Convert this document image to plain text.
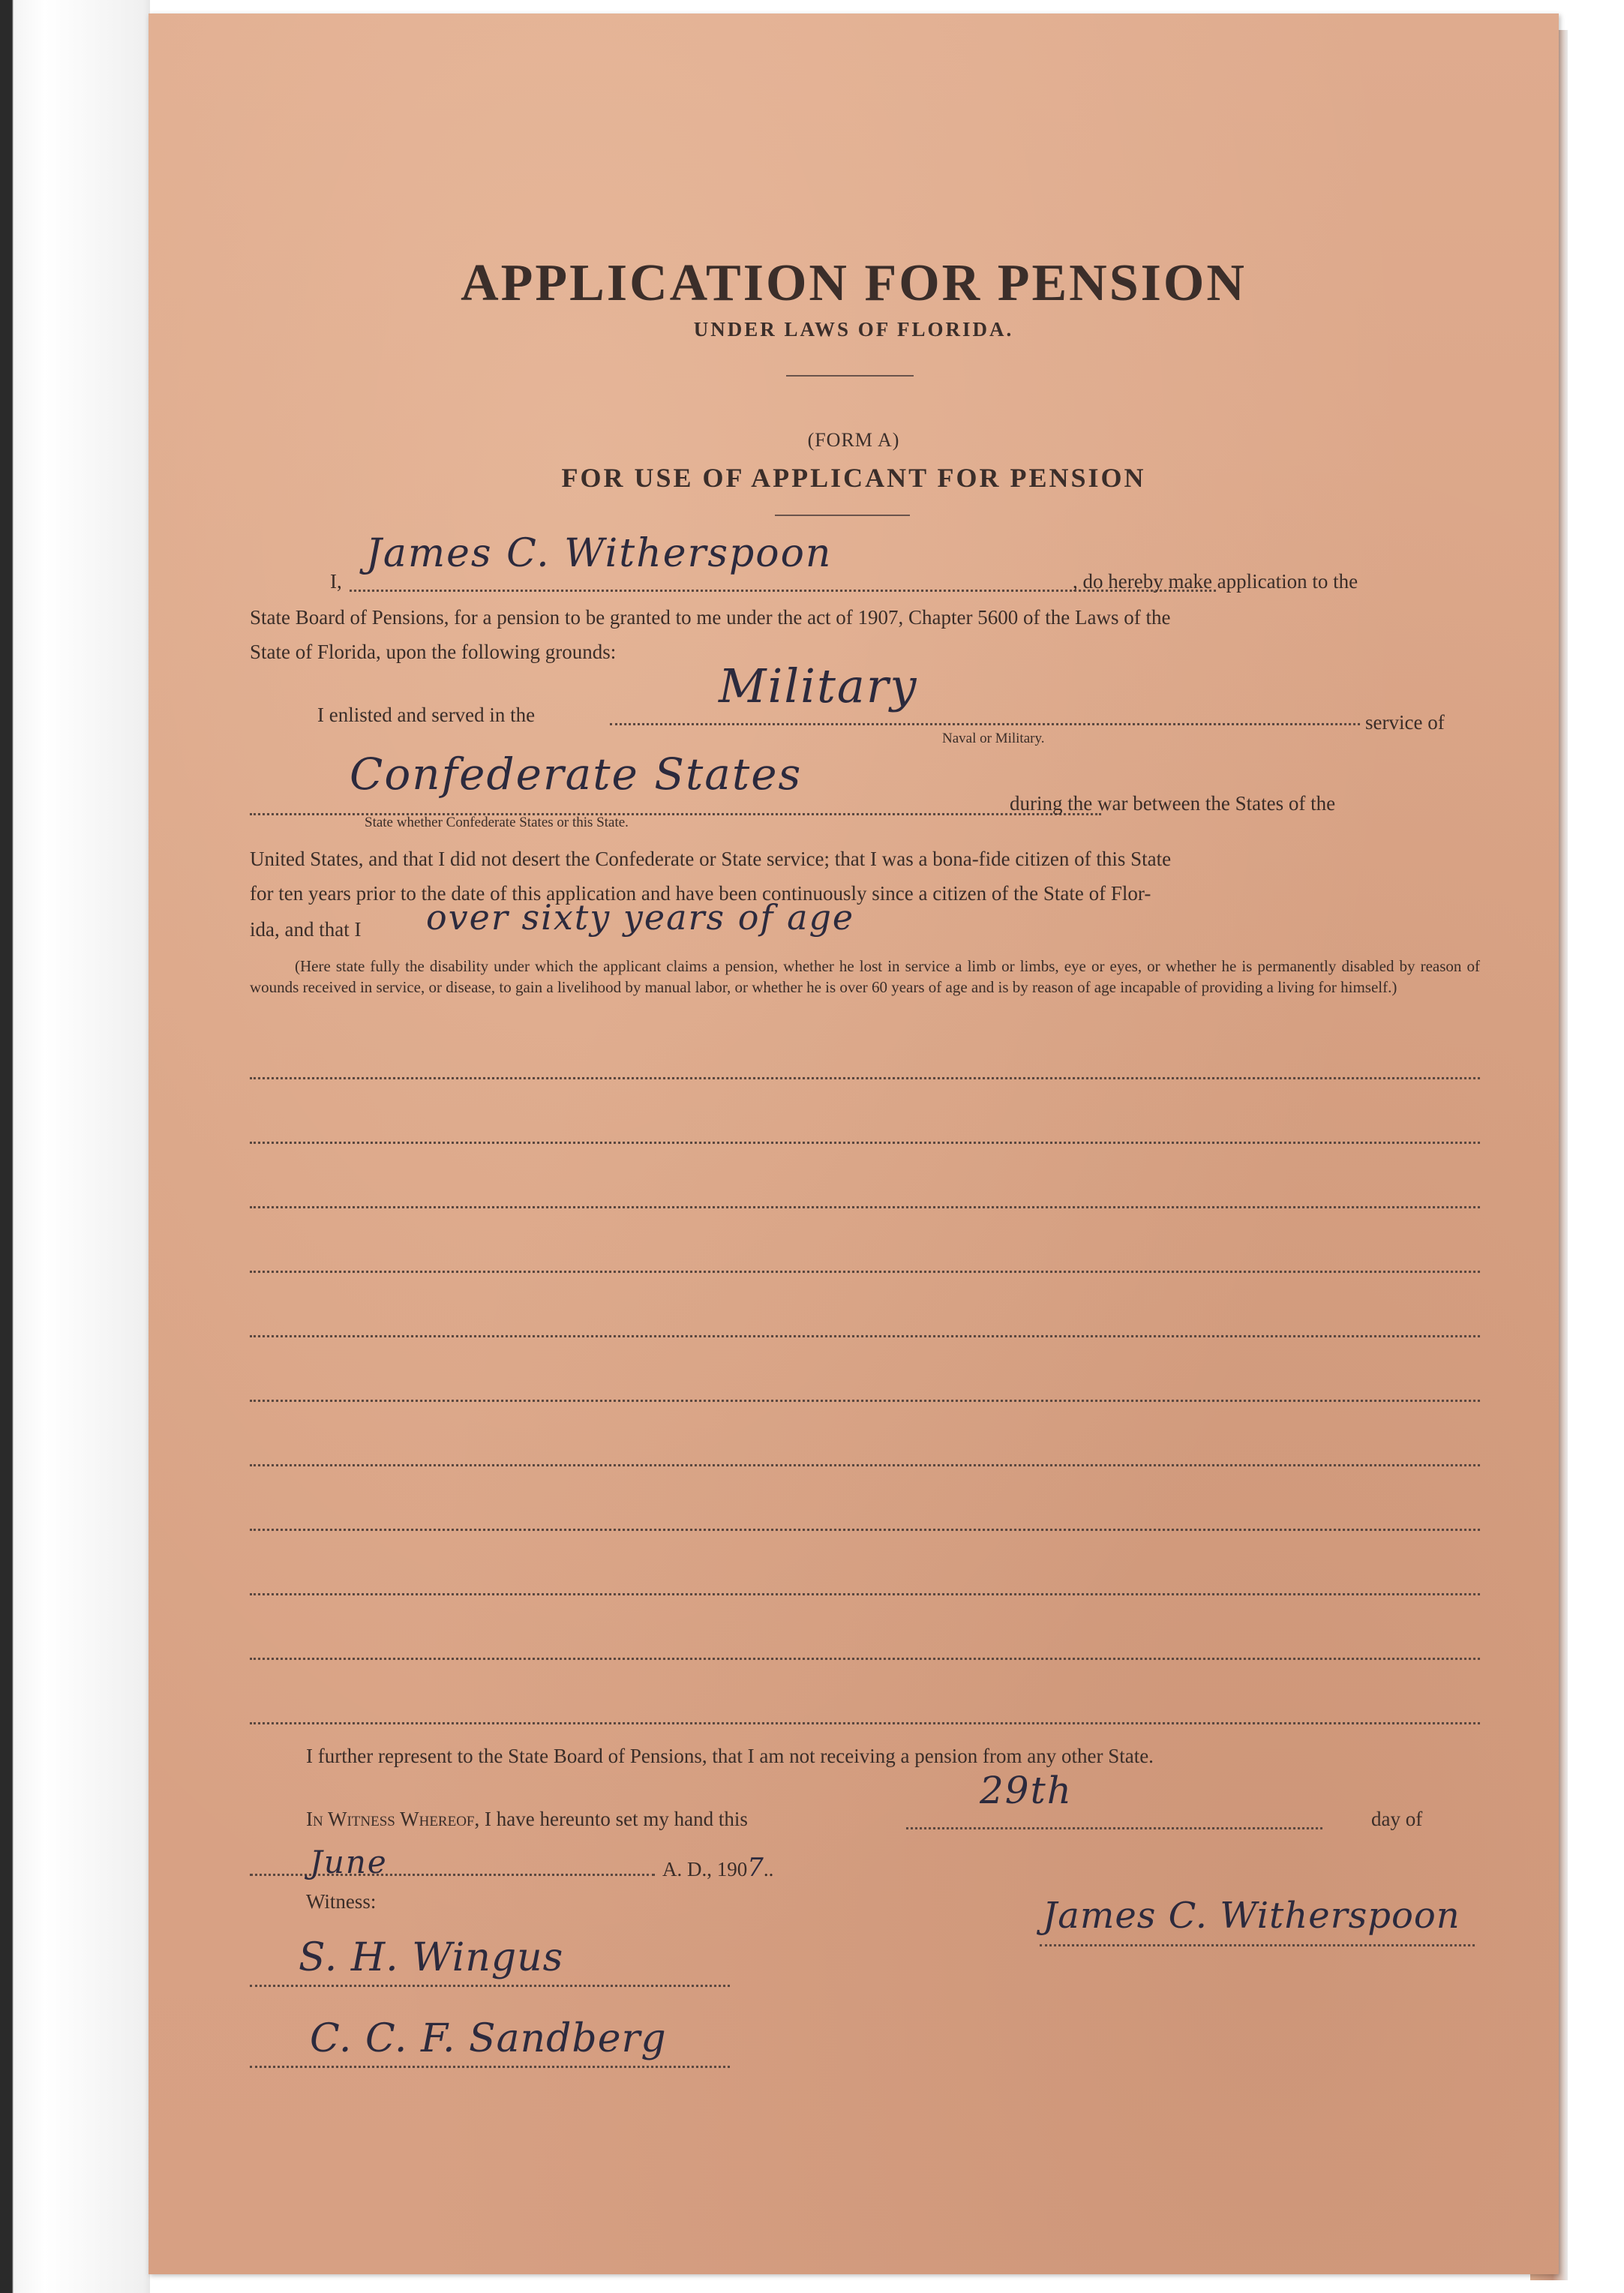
APPLICATION FOR PENSION
UNDER LAWS OF FLORIDA.
(FORM A)
FOR USE OF APPLICANT FOR PENSION
I,
James C. Witherspoon
, do hereby make application to the
State Board of Pensions, for a pension to be granted to me under the act of 1907, Chapter 5600 of the Laws of the
State of Florida, upon the following grounds:
I enlisted and served in the
Military
service of
Naval or Military.
Confederate States
during the war between the States of the
State whether Confederate States or this State.
United States, and that I did not desert the Confederate or State service; that I was a bona-fide citizen of this State
for ten years prior to the date of this application and have been continuously since a citizen of the State of Flor-
ida, and that I over sixty years of age
(Here state fully the disability under which the applicant claims a pension, whether he lost in service a limb or limbs, eye or eyes, or whether he is permanently disabled by reason of wounds received in service, or disease, to gain a livelihood by manual labor, or whether he is over 60 years of age and is by reason of age incapable of providing a living for himself.)
I further represent to the State Board of Pensions, that I am not receiving a pension from any other State.
In Witness Whereof, I have hereunto set my hand this
29th
day of
June	A. D., 1907..
Witness:	James C. Witherspoon
S. H. Wingus
C. C. F. Sandberg
